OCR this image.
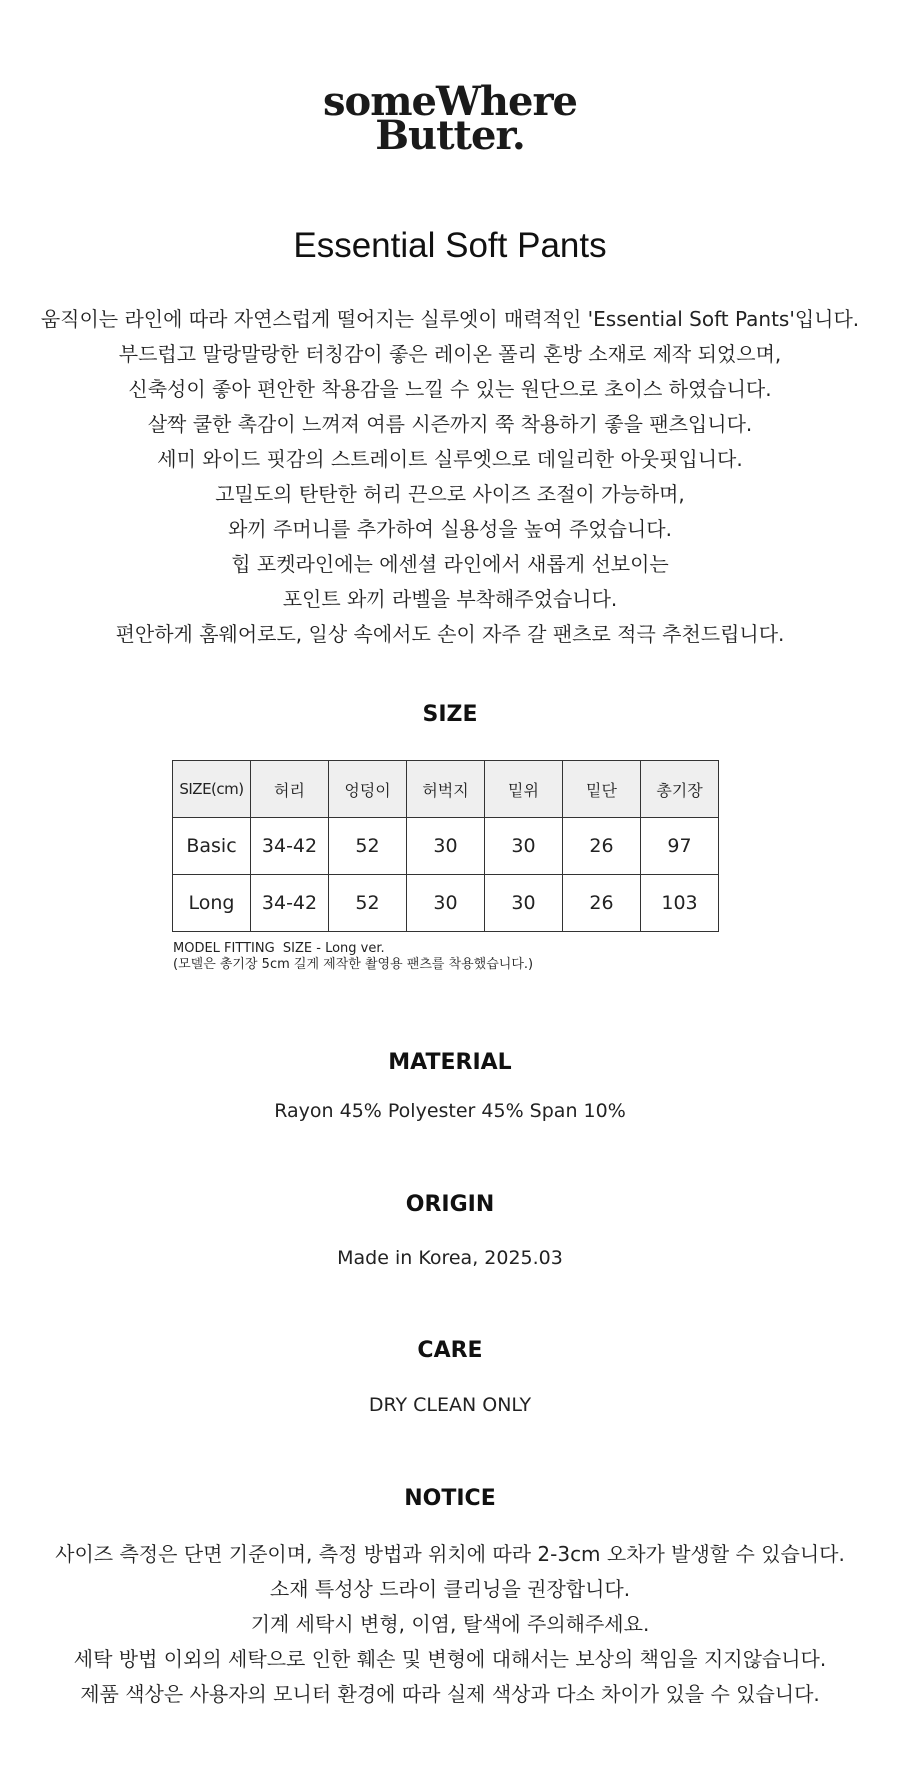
someWhere
Butter.
Essential Soft Pants
움직이는 라인에 따라 자연스럽게 떨어지는 실루엣이 매력적인 'Essential Soft Pants'입니다.
부드럽고 말랑말랑한 터칭감이 좋은 레이온 폴리 혼방 소재로 제작 되었으며,
신축성이 좋아 편안한 착용감을 느낄 수 있는 원단으로 초이스 하였습니다.
살짝 쿨한 촉감이 느껴져 여름 시즌까지 쭉 착용하기 좋을 팬츠입니다.
세미 와이드 핏감의 스트레이트 실루엣으로 데일리한 아웃핏입니다.
고밀도의 탄탄한 허리 끈으로 사이즈 조절이 가능하며,
와끼 주머니를 추가하여 실용성을 높여 주었습니다.
힙 포켓라인에는 에센셜 라인에서 새롭게 선보이는
포인트 와끼 라벨을 부착해주었습니다.
편안하게 홈웨어로도, 일상 속에서도 손이 자주 갈 팬츠로 적극 추천드립니다.
SIZE
SIZE(cm)	허리	엉덩이	허벅지	밑위	밑단	총기장
Basic	34-42	52	30	30	26	97
Long	34-42	52	30	30	26	103
MODEL FITTING  SIZE - Long ver.
(모델은 총기장 5cm 길게 제작한 촬영용 팬츠를 착용했습니다.)
MATERIAL
Rayon 45% Polyester 45% Span 10%
ORIGIN
Made in Korea, 2025.03
CARE
DRY CLEAN ONLY
NOTICE
사이즈 측정은 단면 기준이며, 측정 방법과 위치에 따라 2-3cm 오차가 발생할 수 있습니다.
소재 특성상 드라이 클리닝을 권장합니다.
기계 세탁시 변형, 이염, 탈색에 주의해주세요.
세탁 방법 이외의 세탁으로 인한 훼손 및 변형에 대해서는 보상의 책임을 지지않습니다.
제품 색상은 사용자의 모니터 환경에 따라 실제 색상과 다소 차이가 있을 수 있습니다.
